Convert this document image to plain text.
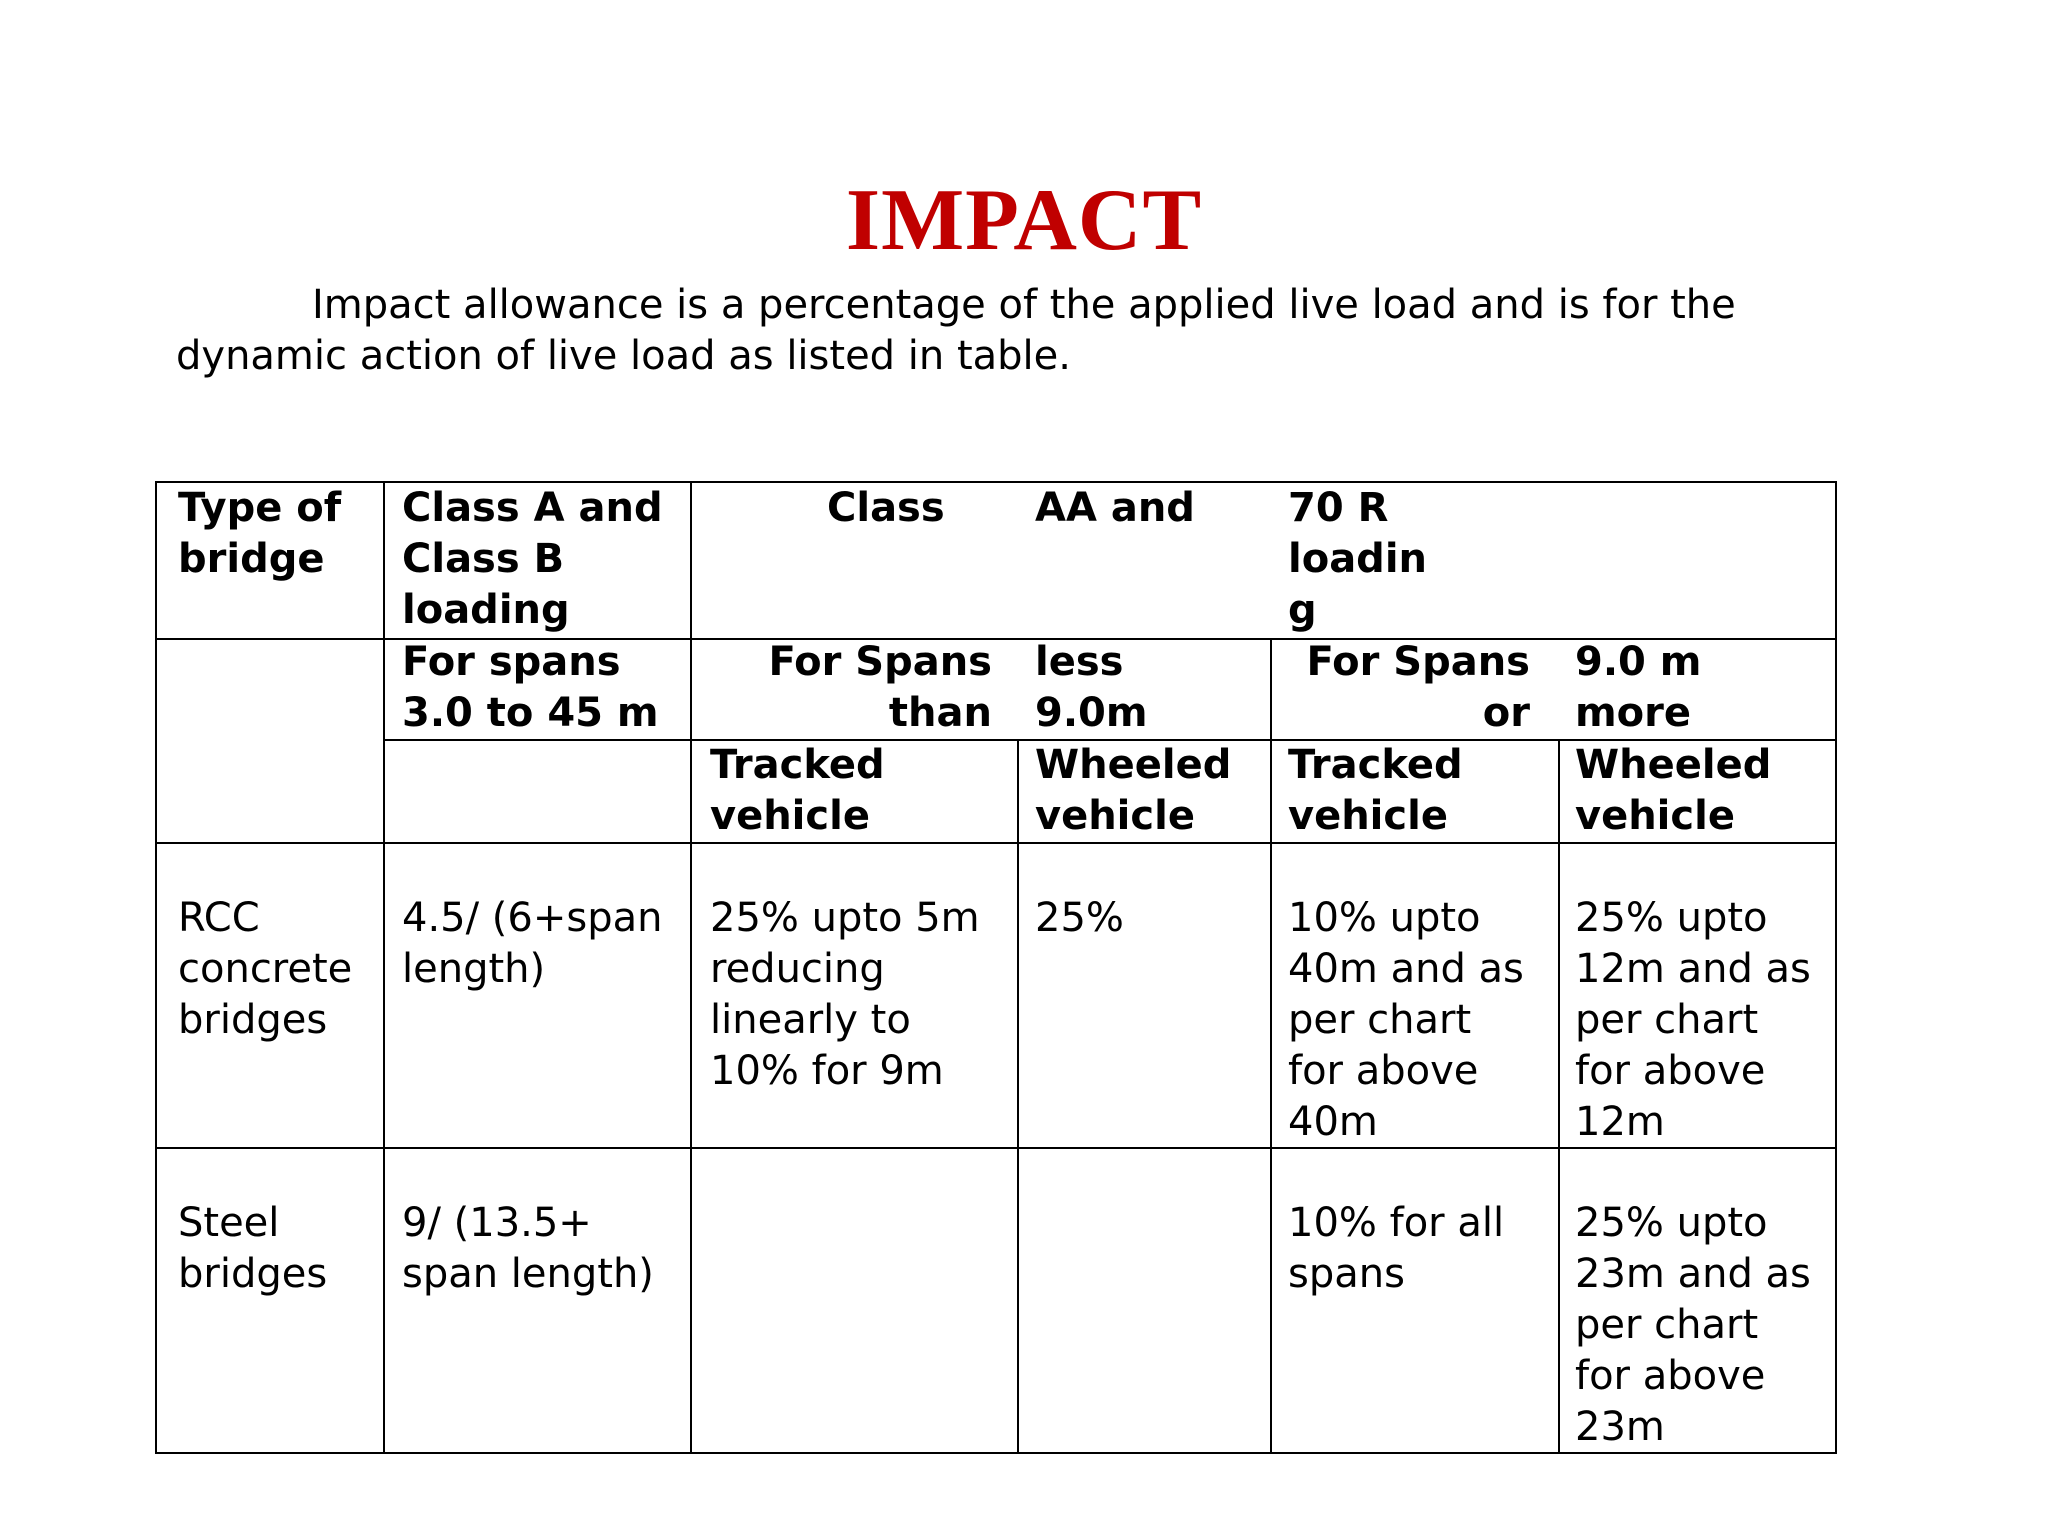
IMPACT
Impact allowance is a percentage of the applied live load and is for the
dynamic action of live load as listed in table.
Type of
bridge
Class A and
Class B
loading
Class AA and 70 R
loadin
g
For spans
3.0 to 45 m
For Spans
than
less
9.0m
For Spans
or
9.0 m
more
Tracked
vehicle
Wheeled
vehicle
Tracked
vehicle
Wheeled
vehicle
RCC
concrete
bridges
4.5/ (6+span
length)
25% upto 5m
reducing
linearly to
10% for 9m
25%	10% upto
40m and as
per chart
for above
40m
25% upto
12m and as
per chart
for above
12m
Steel
bridges
9/ (13.5+
span length)
10% for all
spans
25% upto
23m and as
per chart
for above
23m
